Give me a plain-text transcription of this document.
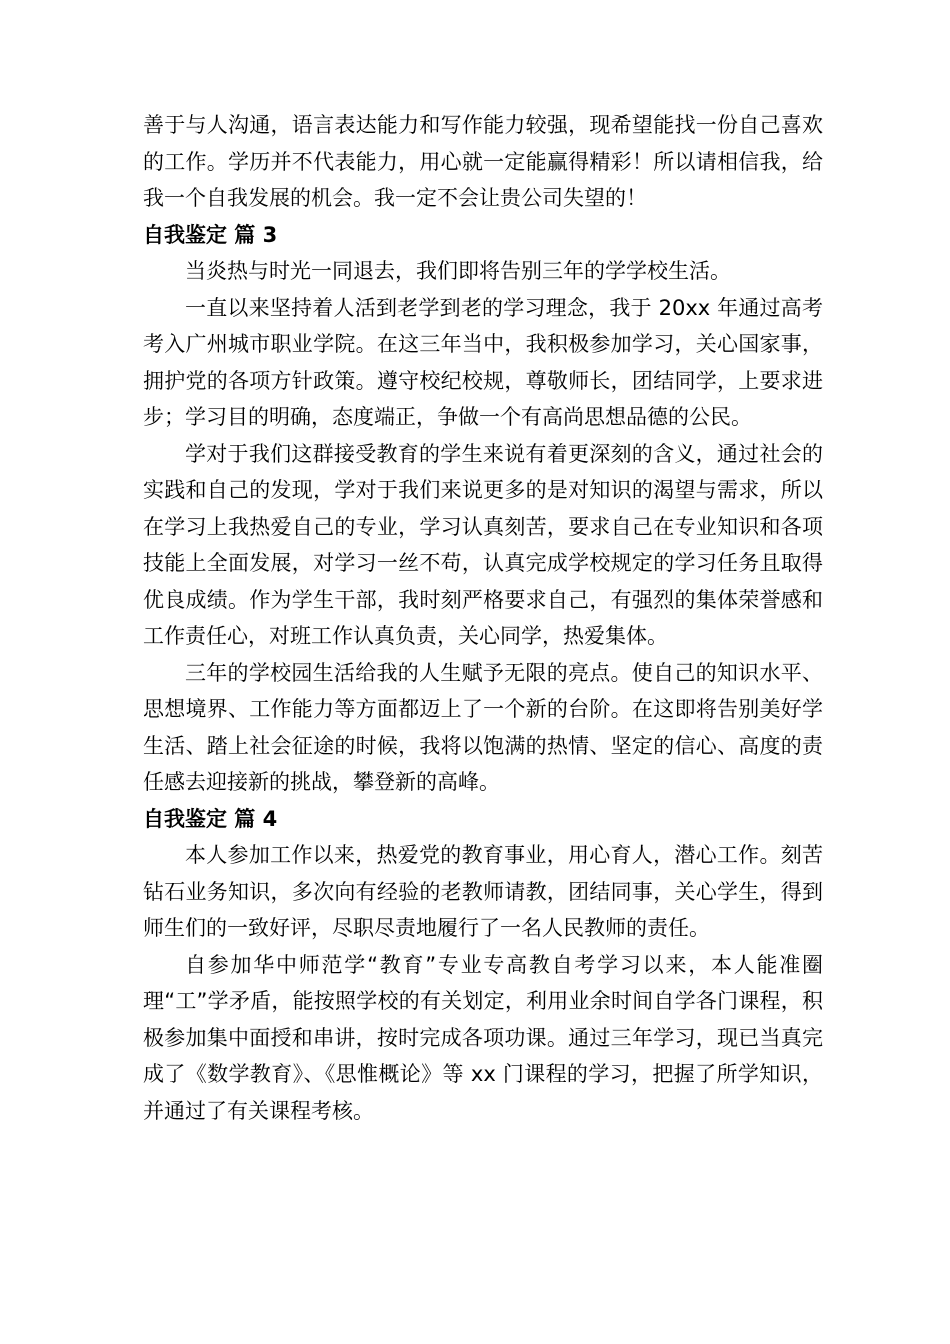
善于与人沟通，语言表达能力和写作能力较强，现希望能找一份自己喜欢的工作。学历并不代表能力，用心就一定能赢得精彩！所以请相信我，给我一个自我发展的机会。我一定不会让贵公司失望的！

自我鉴定 篇 3

当炎热与时光一同退去，我们即将告别三年的学学校生活。

一直以来坚持着人活到老学到老的学习理念，我于 20xx 年通过高考考入广州城市职业学院。在这三年当中，我积极参加学习，关心国家事，拥护党的各项方针政策。遵守校纪校规，尊敬师长，团结同学，上要求进步；学习目的明确，态度端正，争做一个有高尚思想品德的公民。

学对于我们这群接受教育的学生来说有着更深刻的含义，通过社会的实践和自己的发现，学对于我们来说更多的是对知识的渴望与需求，所以在学习上我热爱自己的专业，学习认真刻苦，要求自己在专业知识和各项技能上全面发展，对学习一丝不苟，认真完成学校规定的学习任务且取得优良成绩。作为学生干部，我时刻严格要求自己，有强烈的集体荣誉感和工作责任心，对班工作认真负责，关心同学，热爱集体。

三年的学校园生活给我的人生赋予无限的亮点。使自己的知识水平、思想境界、工作能力等方面都迈上了一个新的台阶。在这即将告别美好学生活、踏上社会征途的时候，我将以饱满的热情、坚定的信心、高度的责任感去迎接新的挑战，攀登新的高峰。

自我鉴定 篇 4

本人参加工作以来，热爱党的教育事业，用心育人，潜心工作。刻苦钻石业务知识，多次向有经验的老教师请教，团结同事，关心学生，得到师生们的一致好评，尽职尽责地履行了一名人民教师的责任。

自参加华中师范学“教育”专业专高教自考学习以来，本人能准圈理“工”学矛盾，能按照学校的有关划定，利用业余时间自学各门课程，积极参加集中面授和串讲，按时完成各项功课。通过三年学习，现已当真完成了《数学教育》、《思惟概论》等 xx 门课程的学习，把握了所学知识，并通过了有关课程考核。
